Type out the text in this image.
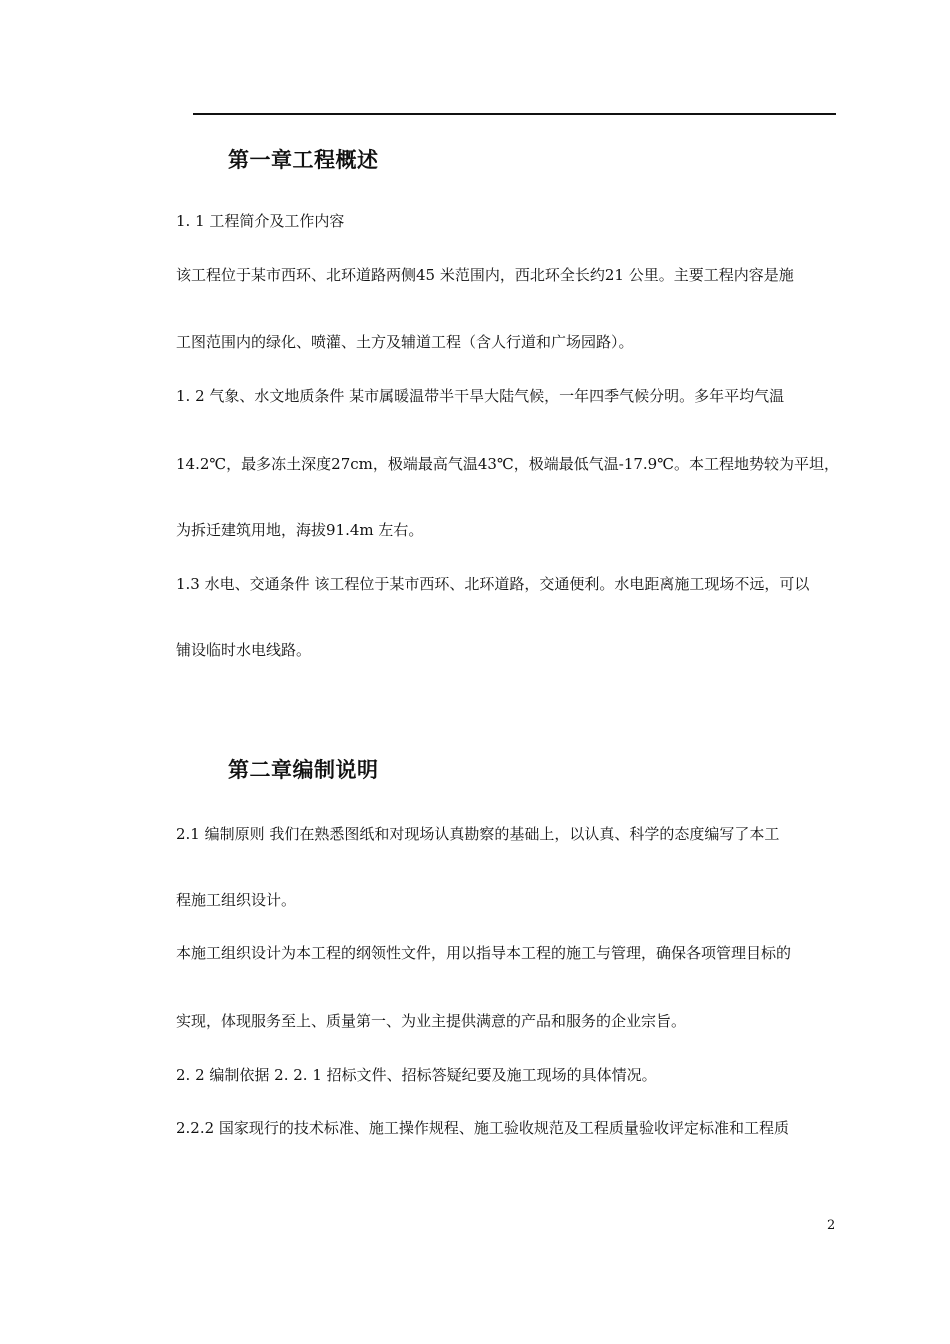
第一章工程概述
1. 1 工程简介及工作内容
该工程位于某市西环、北环道路两侧45 米范围内，西北环全长约21 公里。主要工程内容是施
工图范围内的绿化、喷灌、土方及辅道工程（含人行道和广场园路）。
1. 2 气象、水文地质条件 某市属暖温带半干旱大陆气候，一年四季气候分明。多年平均气温
14.2℃，最多冻土深度27cm，极端最高气温43℃，极端最低气温-17.9℃。本工程地势较为平坦，
为拆迁建筑用地，海拔91.4m 左右。
1.3 水电、交通条件 该工程位于某市西环、北环道路，交通便利。水电距离施工现场不远，可以
铺设临时水电线路。
第二章编制说明
2.1 编制原则 我们在熟悉图纸和对现场认真勘察的基础上，以认真、科学的态度编写了本工
程施工组织设计。
本施工组织设计为本工程的纲领性文件，用以指导本工程的施工与管理，确保各项管理目标的
实现，体现服务至上、质量第一、为业主提供满意的产品和服务的企业宗旨。
2. 2 编制依据 2. 2. 1 招标文件、招标答疑纪要及施工现场的具体情况。
2.2.2 国家现行的技术标准、施工操作规程、施工验收规范及工程质量验收评定标准和工程质
2
